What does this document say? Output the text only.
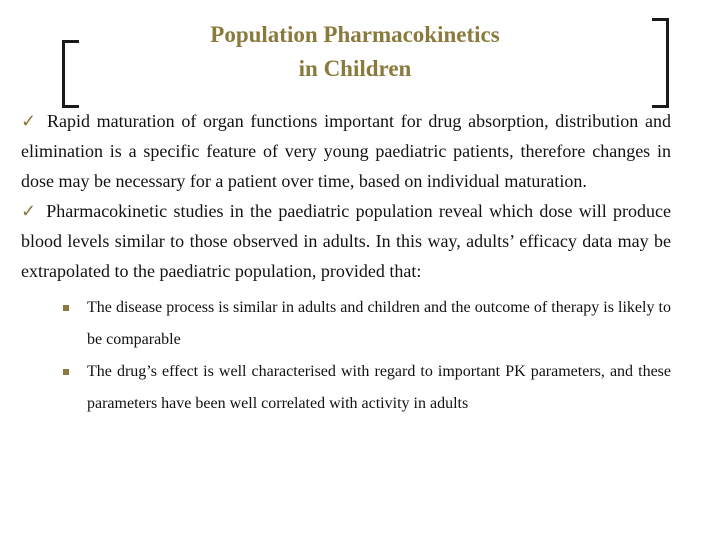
Population Pharmacokinetics
in Children

✓ Rapid maturation of organ functions important for drug absorption, distribution and elimination is a specific feature of very young paediatric patients, therefore changes in dose may be necessary for a patient over time, based on individual maturation.

✓ Pharmacokinetic studies in the paediatric population reveal which dose will produce blood levels similar to those observed in adults. In this way, adults’ efficacy data may be extrapolated to the paediatric population, provided that:

The disease process is similar in adults and children and the outcome of therapy is likely to be comparable
The drug’s effect is well characterised with regard to important PK parameters, and these parameters have been well correlated with activity in adults
